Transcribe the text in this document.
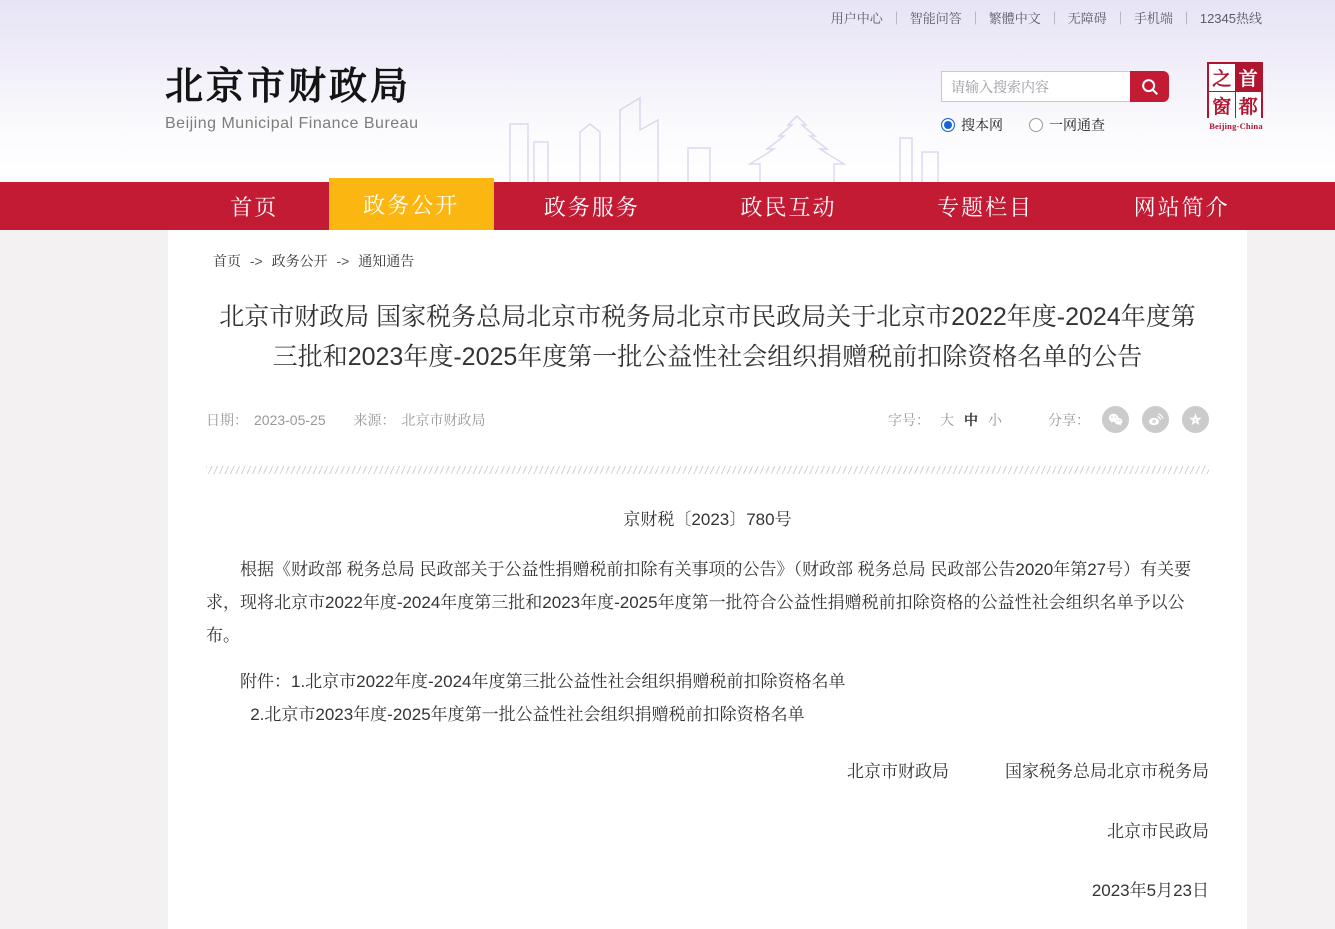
用户中心 ｜ 智能问答 ｜ 繁體中文 ｜ 无障碍 ｜ 手机端 ｜ 12345热线
北京市财政局
Beijing Municipal Finance Bureau
请输入搜索内容	搜本网	一网通查
之 首
窗 都
Beijing-China
首页	政务公开	政务服务	政民互动	专题栏目	网站简介
首页 -> 政务公开 -> 通知通告
北京市财政局 国家税务总局北京市税务局北京市民政局关于北京市2022年度-2024年度第三批和2023年度-2025年度第一批公益性社会组织捐赠税前扣除资格名单的公告
日期： 2023-05-25 来源： 北京市财政局	字号： 大 中 小	分享：	z
京财税〔2023〕780号

根据《财政部 税务总局 民政部关于公益性捐赠税前扣除有关事项的公告》（财政部 税务总局 民政部公告2020年第27号）有关要求，现将北京市2022年度-2024年度第三批和2023年度-2025年度第一批符合公益性捐赠税前扣除资格的公益性社会组织名单予以公布。

附件：1.北京市2022年度-2024年度第三批公益性社会组织捐赠税前扣除资格名单
2.北京市2023年度-2025年度第一批公益性社会组织捐赠税前扣除资格名单
北京市财政局	国家税务总局北京市税务局
北京市民政局
2023年5月23日
